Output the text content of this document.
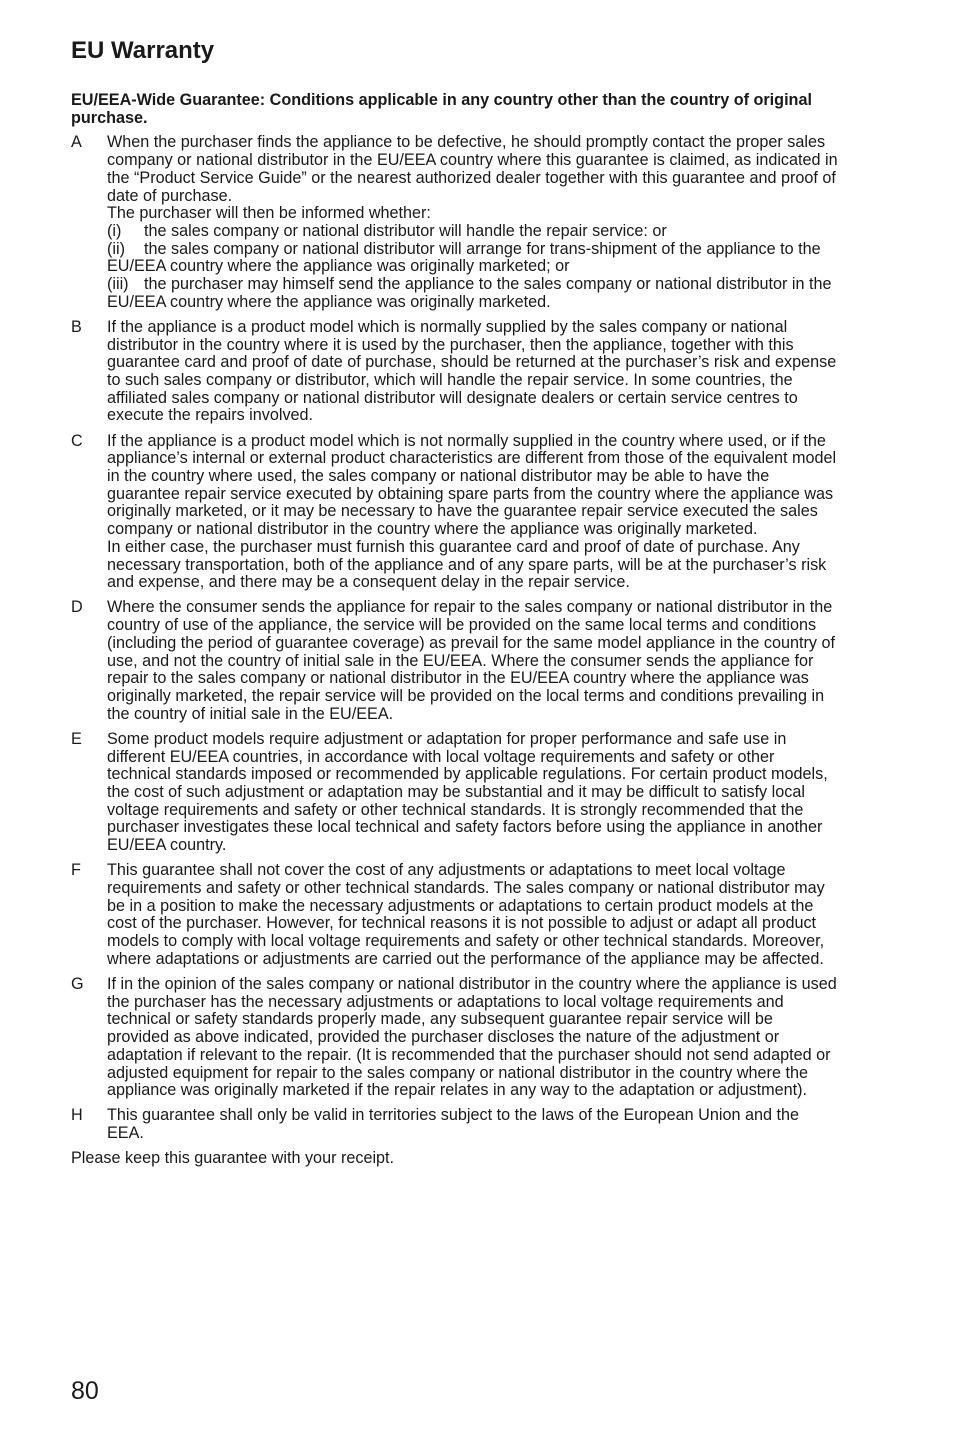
EU Warranty

EU/EEA-Wide Guarantee: Conditions applicable in any country other than the country of original purchase.

A	When the purchaser finds the appliance to be defective, he should promptly contact the proper sales company or national distributor in the EU/EEA country where this guarantee is claimed, as indicated in the “Product Service Guide” or the nearest authorized dealer together with this guarantee and proof of date of purchase.

The purchaser will then be informed whether:

(i) the sales company or national distributor will handle the repair service: or
(ii) the sales company or national distributor will arrange for trans-shipment of the appliance to the EU/EEA country where the appliance was originally marketed; or
(iii) the purchaser may himself send the appliance to the sales company or national distributor in the EU/EEA country where the appliance was originally marketed.
B	If the appliance is a product model which is normally supplied by the sales company or national distributor in the country where it is used by the purchaser, then the appliance, together with this guarantee card and proof of date of purchase, should be returned at the purchaser’s risk and expense to such sales company or distributor, which will handle the repair service. In some countries, the affiliated sales company or national distributor will designate dealers or certain service centres to execute the repairs involved.

C	If the appliance is a product model which is not normally supplied in the country where used, or if the appliance’s internal or external product characteristics are different from those of the equivalent model in the country where used, the sales company or national distributor may be able to have the guarantee repair service executed by obtaining spare parts from the country where the appliance was originally marketed, or it may be necessary to have the guarantee repair service executed the sales company or national distributor in the country where the appliance was originally marketed.

In either case, the purchaser must furnish this guarantee card and proof of date of purchase. Any necessary transportation, both of the appliance and of any spare parts, will be at the purchaser’s risk and expense, and there may be a consequent delay in the repair service.

D	Where the consumer sends the appliance for repair to the sales company or national distributor in the country of use of the appliance, the service will be provided on the same local terms and conditions (including the period of guarantee coverage) as prevail for the same model appliance in the country of use, and not the country of initial sale in the EU/EEA. Where the consumer sends the appliance for repair to the sales company or national distributor in the EU/EEA country where the appliance was originally marketed, the repair service will be provided on the local terms and conditions prevailing in the country of initial sale in the EU/EEA.

E	Some product models require adjustment or adaptation for proper performance and safe use in different EU/EEA countries, in accordance with local voltage requirements and safety or other technical standards imposed or recommended by applicable regulations. For certain product models, the cost of such adjustment or adaptation may be substantial and it may be difficult to satisfy local voltage requirements and safety or other technical standards. It is strongly recommended that the purchaser investigates these local technical and safety factors before using the appliance in another EU/EEA country.

F	This guarantee shall not cover the cost of any adjustments or adaptations to meet local voltage requirements and safety or other technical standards. The sales company or national distributor may be in a position to make the necessary adjustments or adaptations to certain product models at the cost of the purchaser. However, for technical reasons it is not possible to adjust or adapt all product models to comply with local voltage requirements and safety or other technical standards. Moreover, where adaptations or adjustments are carried out the performance of the appliance may be affected.

G	If in the opinion of the sales company or national distributor in the country where the appliance is used the purchaser has the necessary adjustments or adaptations to local voltage requirements and technical or safety standards properly made, any subsequent guarantee repair service will be provided as above indicated, provided the purchaser discloses the nature of the adjustment or adaptation if relevant to the repair. (It is recommended that the purchaser should not send adapted or adjusted equipment for repair to the sales company or national distributor in the country where the appliance was originally marketed if the repair relates in any way to the adaptation or adjustment).

H	This guarantee shall only be valid in territories subject to the laws of the European Union and the EEA.

Please keep this guarantee with your receipt.

80
